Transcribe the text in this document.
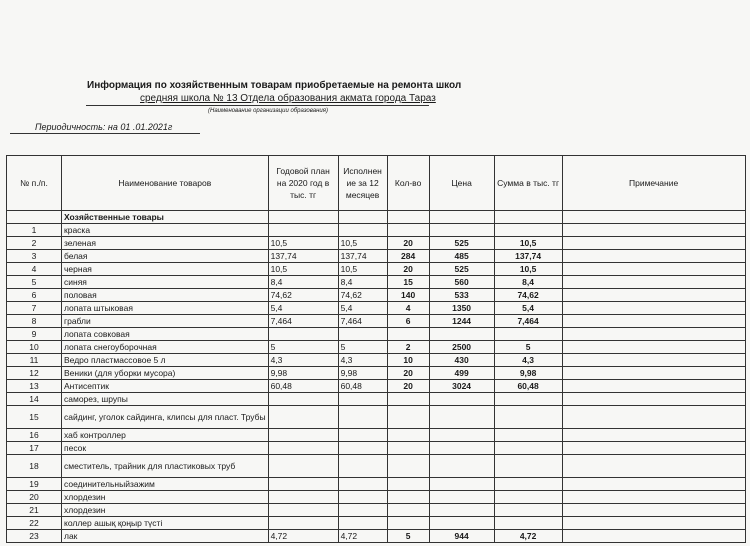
Информация по хозяйственным товарам приобретаемые на ремонта школ
средняя школа № 13 Отдела образования акмата города Тараз
(Наименование организации образования)
Периодичность: на 01 .01.2021г
№ п./п.	Наименование товаров	Годовой план на 2020 год в тыс. тг	Исполнен ие за 12 месяцев	Кол-во	Цена	Сумма в тыс. тг	Примечание
	Хозяйственные товары						
1	краска						
2	зеленая	10,5	10,5	20	525	10,5	
3	белая	137,74	137,74	284	485	137,74	
4	черная	10,5	10,5	20	525	10,5	
5	синяя	8,4	8,4	15	560	8,4	
6	половая	74,62	74,62	140	533	74,62	
7	лопата штыковая	5,4	5,4	4	1350	5,4	
8	грабли	7,464	7,464	6	1244	7,464	
9	лопата совковая						
10	лопата снегоуборочная	5	5	2	2500	5	
11	Ведро пластмассовое 5 л	4,3	4,3	10	430	4,3	
12	Веники (для уборки мусора)	9,98	9,98	20	499	9,98	
13	Антисептик	60,48	60,48	20	3024	60,48	
14	саморез, шрупы						
15	сайдинг, уголок сайдинга, клипсы для пласт. Трубы						
16	хаб контроллер						
17	песок						
18	сместитель, трайник для пластиковых труб						
19	соединительныйзажим						
20	хлордезин						
21	хлордезин						
22	коллер ашық қоңыр түсті						
23	лак	4,72	4,72	5	944	4,72	
